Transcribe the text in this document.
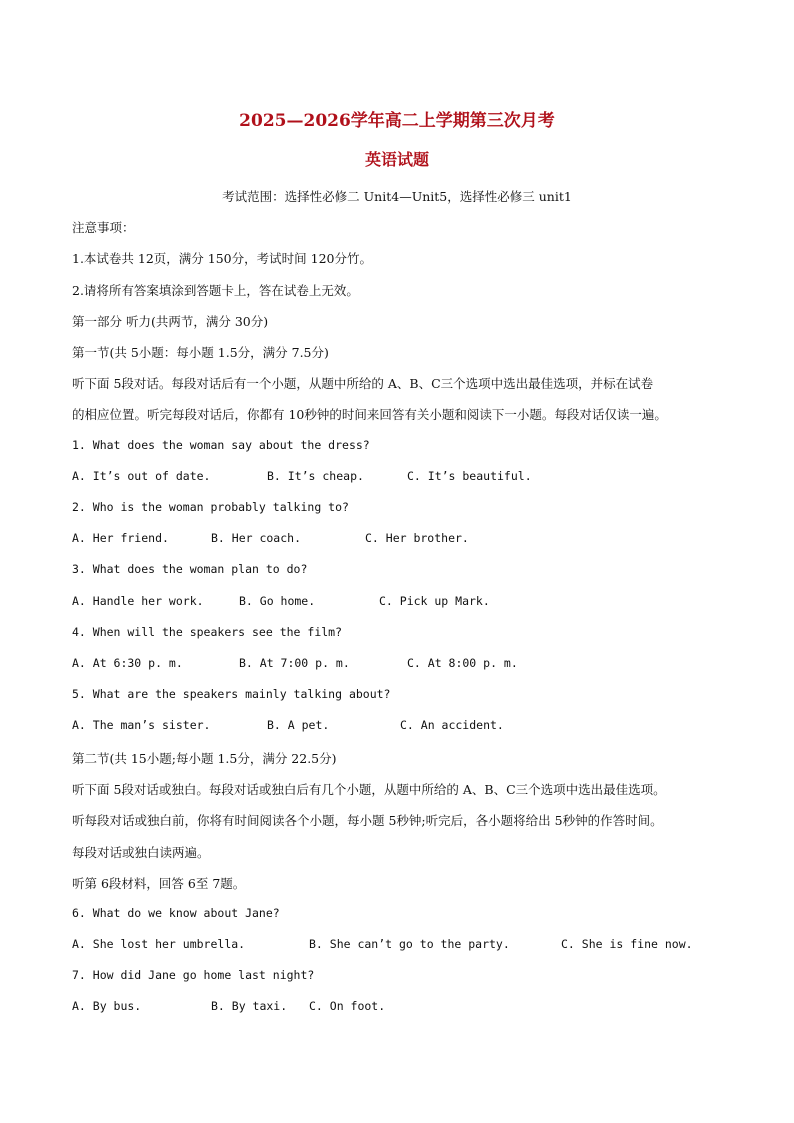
2025—2026学年高二上学期第三次月考
英语试题
考试范围：选择性必修二 Unit4—Unit5，选择性必修三 unit1
注意事项：
1.本试卷共 12页，满分 150分，考试时间 120分竹。
2.请将所有答案填涂到答题卡上，答在试卷上无效。
第一部分 听力(共两节，满分 30分)
第一节(共 5小题：每小题 1.5分，满分 7.5分)
听下面 5段对话。每段对话后有一个小题，从题中所给的 A、B、C三个选项中选出最佳选项，并标在试卷
的相应位置。听完每段对话后，你都有 10秒钟的时间来回答有关小题和阅读下一小题。每段对话仅读一遍。
1. What does the woman say about the dress?
A. It’s out of date.	B. It’s cheap.	C. It’s beautiful.
2. Who is the woman probably talking to?
A. Her friend.	B. Her coach.	C. Her brother.
3. What does the woman plan to do?
A. Handle her work.	B. Go home.	C. Pick up Mark.
4. When will the speakers see the film?
A. At 6:30 p. m.	B. At 7:00 p. m.	C. At 8:00 p. m.
5. What are the speakers mainly talking about?
A. The man’s sister.	B. A pet.	C. An accident.
第二节(共 15小题;每小题 1.5分，满分 22.5分)
听下面 5段对话或独白。每段对话或独白后有几个小题，从题中所给的 A、B、C三个选项中选出最佳选项。
听每段对话或独白前，你将有时间阅读各个小题，每小题 5秒钟;听完后，各小题将给出 5秒钟的作答时间。
每段对话或独白读两遍。
听第 6段材料，回答 6至 7题。
6. What do we know about Jane?
A. She lost her umbrella.	B. She can’t go to the party.	C. She is fine now.
7. How did Jane go home last night?
A. By bus.	B. By taxi. C. On foot.
